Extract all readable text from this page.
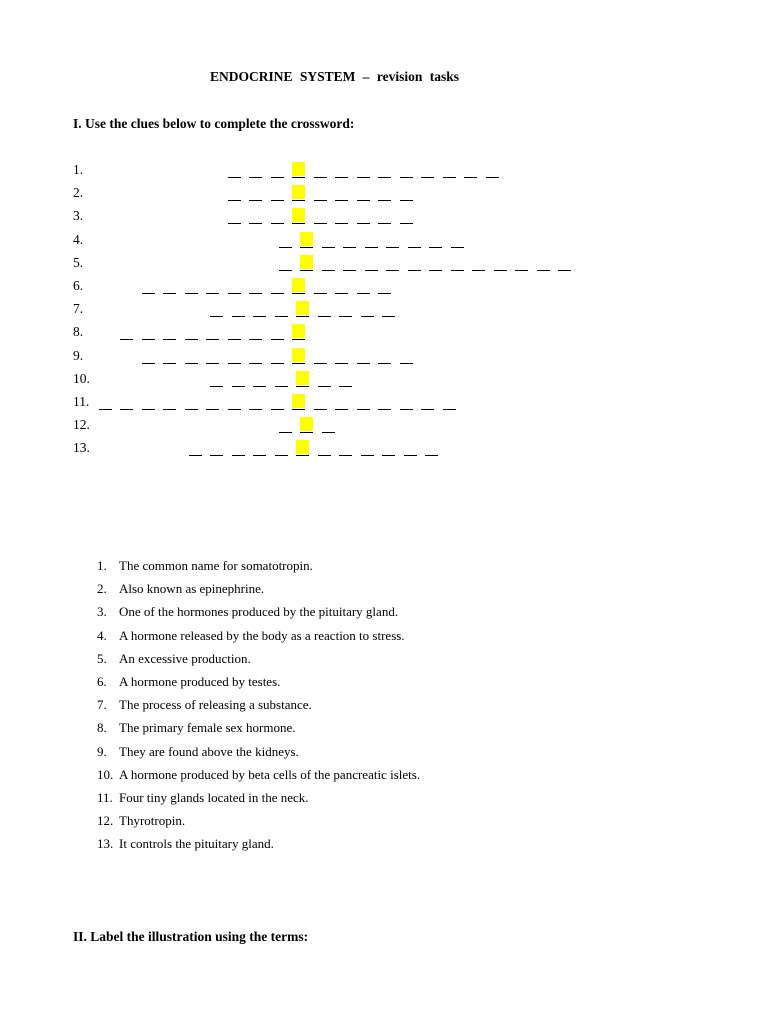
ENDOCRINE SYSTEM – revision tasks
I. Use the clues below to complete the crossword:
1.
2.
3.
4.
5.
6.
7.
8.
9.
10.
11.
12.
13.
1. The common name for somatotropin.
2. Also known as epinephrine.
3. One of the hormones produced by the pituitary gland.
4. A hormone released by the body as a reaction to stress.
5. An excessive production.
6. A hormone produced by testes.
7. The process of releasing a substance.
8. The primary female sex hormone.
9. They are found above the kidneys.
10. A hormone produced by beta cells of the pancreatic islets.
11. Four tiny glands located in the neck.
12. Thyrotropin.
13. It controls the pituitary gland.
II. Label the illustration using the terms:
